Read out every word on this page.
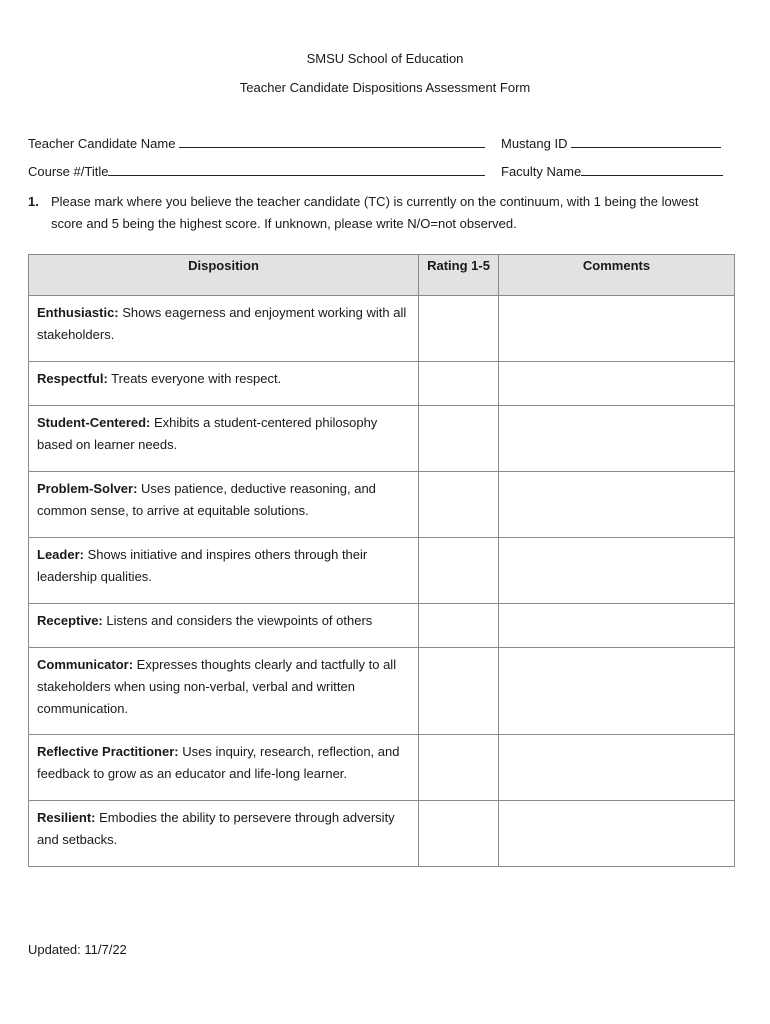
SMSU School of Education
Teacher Candidate Dispositions Assessment Form
Teacher Candidate Name	Mustang ID
Course #/Title	Faculty Name
1. Please mark where you believe the teacher candidate (TC) is currently on the continuum, with 1 being the lowest score and 5 being the highest score. If unknown, please write N/O=not observed.
Disposition	Rating 1-5	Comments
Enthusiastic: Shows eagerness and enjoyment working with all stakeholders.		
Respectful: Treats everyone with respect.		
Student-Centered: Exhibits a student-centered philosophy based on learner needs.		
Problem-Solver: Uses patience, deductive reasoning, and common sense, to arrive at equitable solutions.		
Leader: Shows initiative and inspires others through their leadership qualities.		
Receptive: Listens and considers the viewpoints of others		
Communicator: Expresses thoughts clearly and tactfully to all stakeholders when using non-verbal, verbal and written communication.		
Reflective Practitioner: Uses inquiry, research, reflection, and feedback to grow as an educator and life-long learner.		
Resilient: Embodies the ability to persevere through adversity and setbacks.		
Updated: 11/7/22
